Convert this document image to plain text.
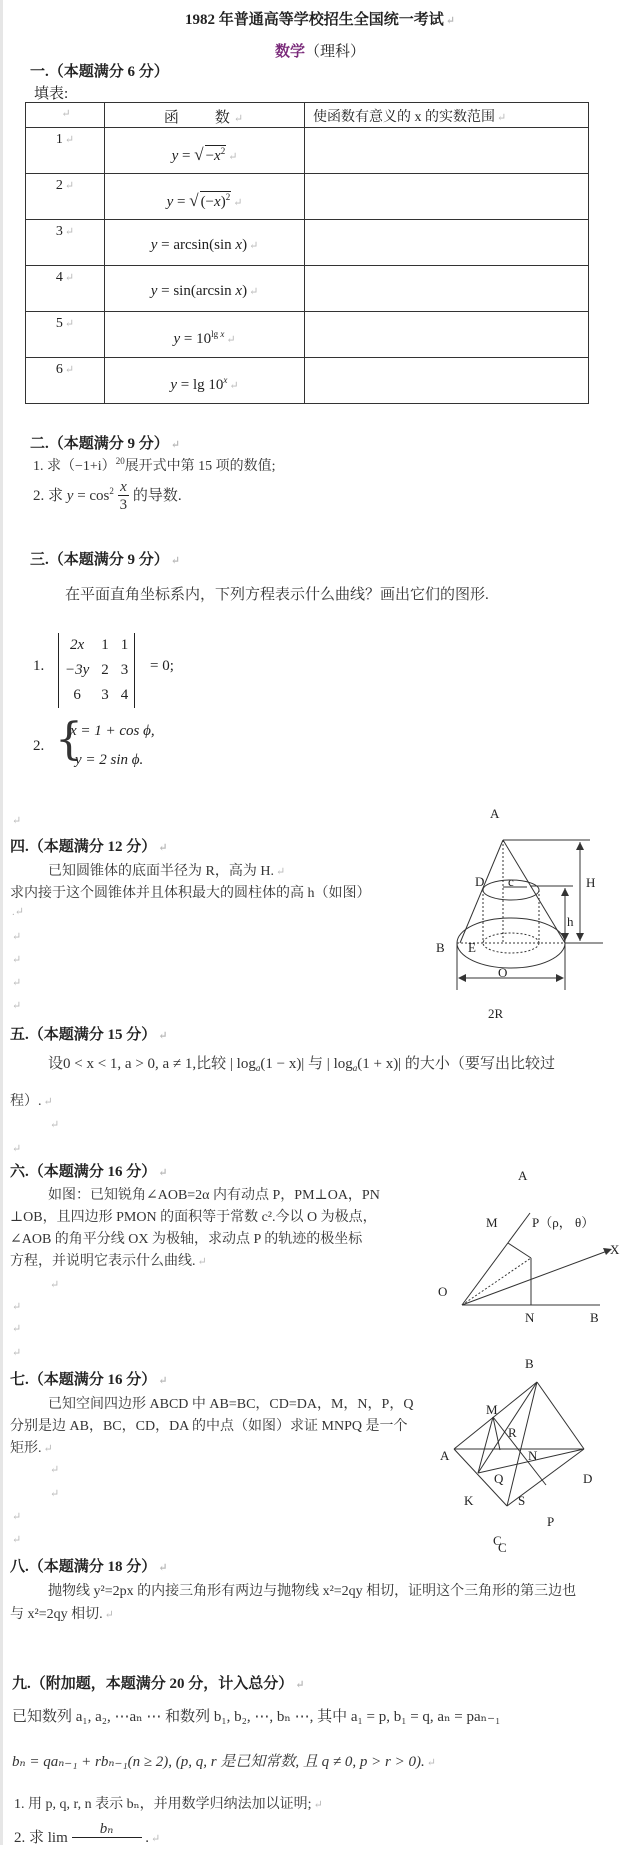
1982 年普通高等学校招生全国统一考试 ↵
数学（理科）
一.（本题满分 6 分）
填表:
↵	函　　数 ↵	使函数有意义的 x 的实数范围 ↵
1 ↵	y = √ $-x^2$ ↵	
2 ↵	y = √ $(-x)^2$ ↵	
3 ↵	y = arcsin(sin x) ↵	
4 ↵	y = sin(arcsin x) ↵	
5 ↵	$y = 10^{lg x}$ ↵	
6 ↵	y = lg 10$^x$ ↵	
二.（本题满分 9 分） ↵
1. 求$(-1+i)^{20}$展开式中第 15 项的数值;
2. 求 $y = \cos^2 \frac{x}{3}$ 的导数.
三.（本题满分 9 分） ↵
在平面直角坐标系内，下列方程表示什么曲线？画出它们的图形.
1.
2x	1	1
−3y	2	3
6	3	4
= 0;
2. {
x = 1 + cos ϕ,
y = 2 sin ϕ.
↵
四.（本题满分 12 分） ↵
已知圆锥体的底面半径为 R，高为 H. ↵
求内接于这个圆锥体并且体积最大的圆柱体的高 h（如图）
.↵
↵
↵
↵
↵
A
D c	H
h
B E
O
2R
五.（本题满分 15 分） ↵
设0 < x < 1, a > 0, a ≠ 1,比较 | $\log_a(1 - x)|$ 与 | $\log_a(1 + x)|$ 的大小（要写出比较过
程）. ↵
↵
↵
六.（本题满分 16 分） ↵
如图：已知锐角∠AOB=2α 内有动点 P，PM⊥OA，PN
⊥OB，且四边形 PMON 的面积等于常数 c².今以 O 为极点，
∠AOB 的角平分线 OX 为极轴，求动点 P 的轨迹的极坐标
方程，并说明它表示什么曲线. ↵
↵
↵
↵
A
M	P（ρ， θ）
X
O
N	B
↵
七.（本题满分 16 分） ↵
已知空间四边形 ABCD 中 AB=BC，CD=DA，M，N，P，Q
分别是边 AB，BC，CD，DA 的中点（如图）求证 MNPQ 是一个
矩形. ↵
↵
↵
↵
↵
B
M
R
A	N
Q	D
K	S
P
C
C
八.（本题满分 18 分） ↵
抛物线 y²=2px 的内接三角形有两边与抛物线 x²=2qy 相切，证明这个三角形的第三边也
与 x²=2qy 相切. ↵
九.（附加题，本题满分 20 分，计入总分） ↵
已知数列 a₁, a₂, ⋯aₙ ⋯ 和数列 b₁, b₂, ⋯, bₙ ⋯, 其中 a₁ = p, b₁ = q, aₙ = paₙ₋₁
bₙ = qaₙ₋₁ + rbₙ₋₁(n ≥ 2), (p, q, r 是已知常数, 且 q ≠ 0, p > r > 0). ↵
1. 用 p, q, r, n 表示 bₙ，并用数学归纳法加以证明; ↵
2. 求 lim
bₙ

. ↵
